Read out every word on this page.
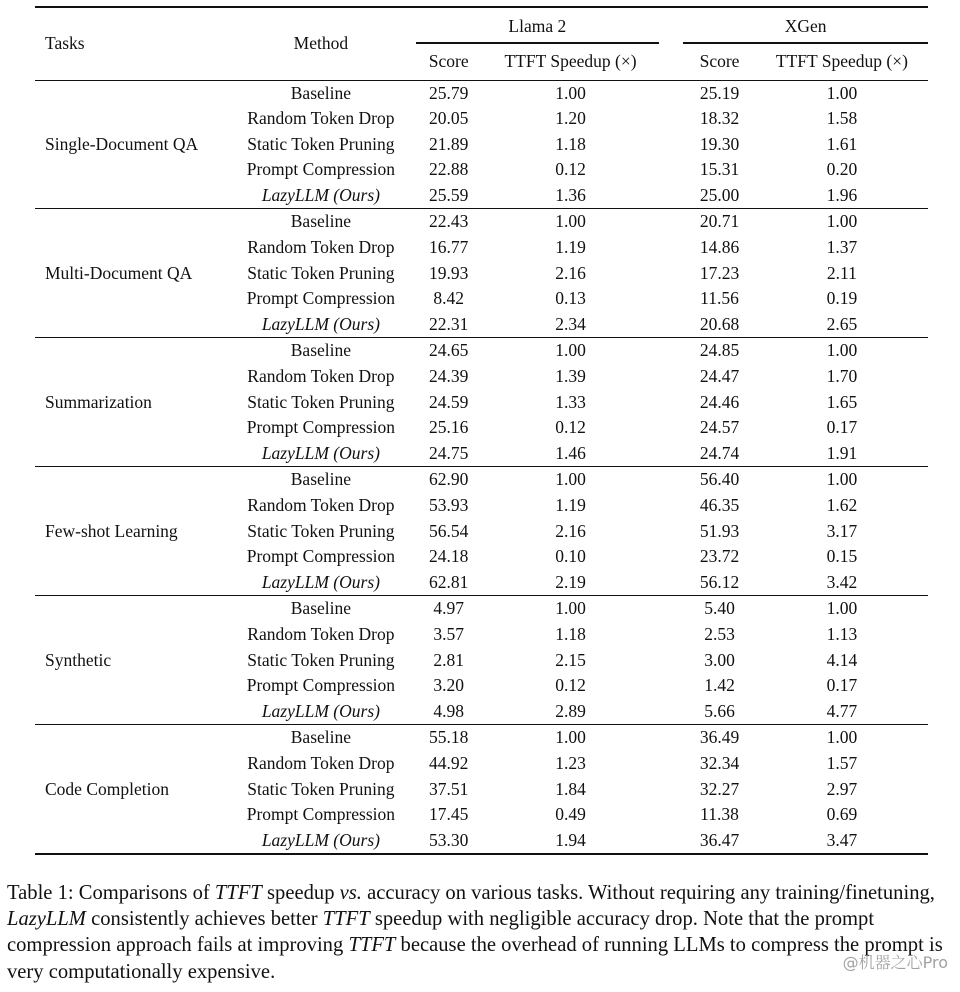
Tasks	Method	Llama 2			XGen	

		Score	TTFT Speedup (×)		Score	TTFT Speedup (×)
Single-Document QA	Baseline	25.79	1.00		25.19	1.00
	Random Token Drop	20.05	1.20		18.32	1.58
	Static Token Pruning	21.89	1.18		19.30	1.61
	Prompt Compression	22.88	0.12		15.31	0.20
	LazyLLM (Ours)	25.59	1.36		25.00	1.96
Multi-Document QA	Baseline	22.43	1.00		20.71	1.00
	Random Token Drop	16.77	1.19		14.86	1.37
	Static Token Pruning	19.93	2.16		17.23	2.11
	Prompt Compression	8.42	0.13		11.56	0.19
	LazyLLM (Ours)	22.31	2.34		20.68	2.65
Summarization	Baseline	24.65	1.00		24.85	1.00
	Random Token Drop	24.39	1.39		24.47	1.70
	Static Token Pruning	24.59	1.33		24.46	1.65
	Prompt Compression	25.16	0.12		24.57	0.17
	LazyLLM (Ours)	24.75	1.46		24.74	1.91
Few-shot Learning	Baseline	62.90	1.00		56.40	1.00
	Random Token Drop	53.93	1.19		46.35	1.62
	Static Token Pruning	56.54	2.16		51.93	3.17
	Prompt Compression	24.18	0.10		23.72	0.15
	LazyLLM (Ours)	62.81	2.19		56.12	3.42
Synthetic	Baseline	4.97	1.00		5.40	1.00
	Random Token Drop	3.57	1.18		2.53	1.13
	Static Token Pruning	2.81	2.15		3.00	4.14
	Prompt Compression	3.20	0.12		1.42	0.17
	LazyLLM (Ours)	4.98	2.89		5.66	4.77
Code Completion	Baseline	55.18	1.00		36.49	1.00
	Random Token Drop	44.92	1.23		32.34	1.57
	Static Token Pruning	37.51	1.84		32.27	2.97
	Prompt Compression	17.45	0.49		11.38	0.69
	LazyLLM (Ours)	53.30	1.94		36.47	3.47
Table 1: Comparisons of TTFT speedup vs. accuracy on various tasks. Without requiring any training/finetuning, LazyLLM consistently achieves better TTFT speedup with negligible accuracy drop. Note that the prompt compression approach fails at improving TTFT because the overhead of running LLMs to compress the prompt is very computationally expensive.	@机器之心Pro
